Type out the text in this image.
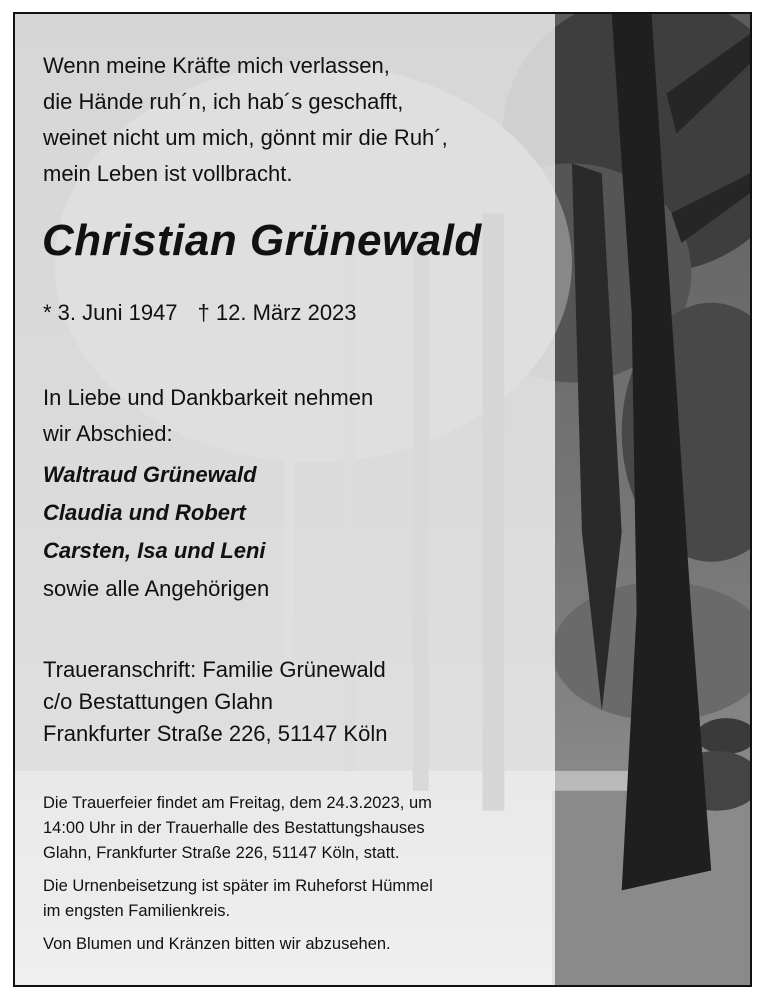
Wenn meine Kräfte mich verlassen,
die Hände ruh´n, ich hab´s geschafft,
weinet nicht um mich, gönnt mir die Ruh´,
mein Leben ist vollbracht.
Christian Grünewald
* 3. Juni 1947 † 12. März 2023
In Liebe und Dankbarkeit nehmen
wir Abschied:
Waltraud Grünewald
Claudia und Robert
Carsten, Isa und Leni
sowie alle Angehörigen
Traueranschrift: Familie Grünewald
c/o Bestattungen Glahn
Frankfurter Straße 226, 51147 Köln

Die Trauerfeier findet am Freitag, dem 24.3.2023, um

14:00 Uhr in der Trauerhalle des Bestattungshauses

Glahn, Frankfurter Straße 226, 51147 Köln, statt.

Die Urnenbeisetzung ist später im Ruheforst Hümmel

im engsten Familienkreis.

Von Blumen und Kränzen bitten wir abzusehen.
